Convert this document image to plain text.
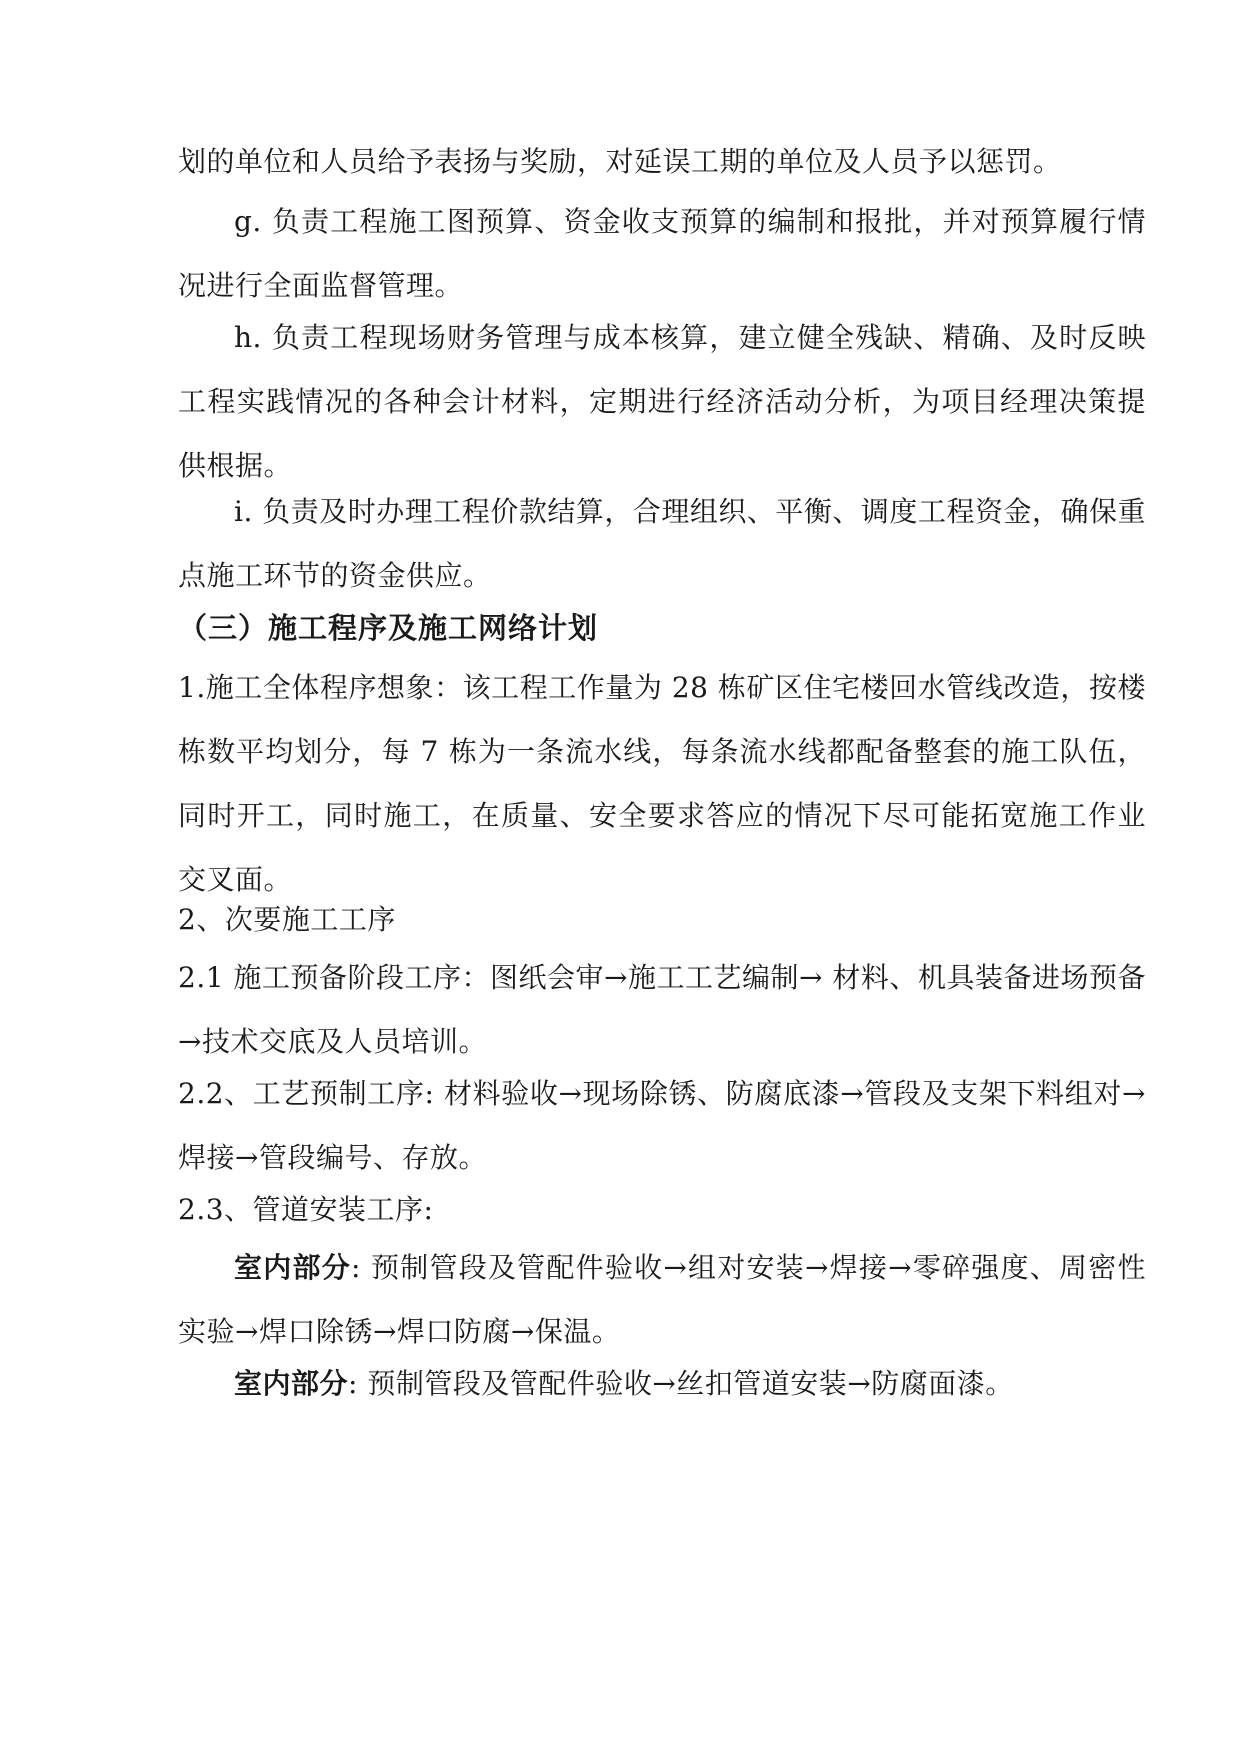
划的单位和人员给予表扬与奖励，对延误工期的单位及人员予以惩罚。

g. 负责工程施工图预算、资金收支预算的编制和报批，并对预算履行情况进行全面监督管理。

h. 负责工程现场财务管理与成本核算，建立健全残缺、精确、及时反映工程实践情况的各种会计材料，定期进行经济活动分析，为项目经理决策提供根据。

i. 负责及时办理工程价款结算，合理组织、平衡、调度工程资金，确保重点施工环节的资金供应。

（三）施工程序及施工网络计划

1.施工全体程序想象：该工程工作量为 28 栋矿区住宅楼回水管线改造，按楼栋数平均划分，每 7 栋为一条流水线，每条流水线都配备整套的施工队伍，同时开工，同时施工，在质量、安全要求答应的情况下尽可能拓宽施工作业交叉面。

2、次要施工工序

2.1 施工预备阶段工序：图纸会审→施工工艺编制→ 材料、机具装备进场预备→技术交底及人员培训。

2.2、工艺预制工序: 材料验收→现场除锈、防腐底漆→管段及支架下料组对→焊接→管段编号、存放。

2.3、管道安装工序:

室内部分: 预制管段及管配件验收→组对安装→焊接→零碎强度、周密性实验→焊口除锈→焊口防腐→保温。

室内部分: 预制管段及管配件验收→丝扣管道安装→防腐面漆。
